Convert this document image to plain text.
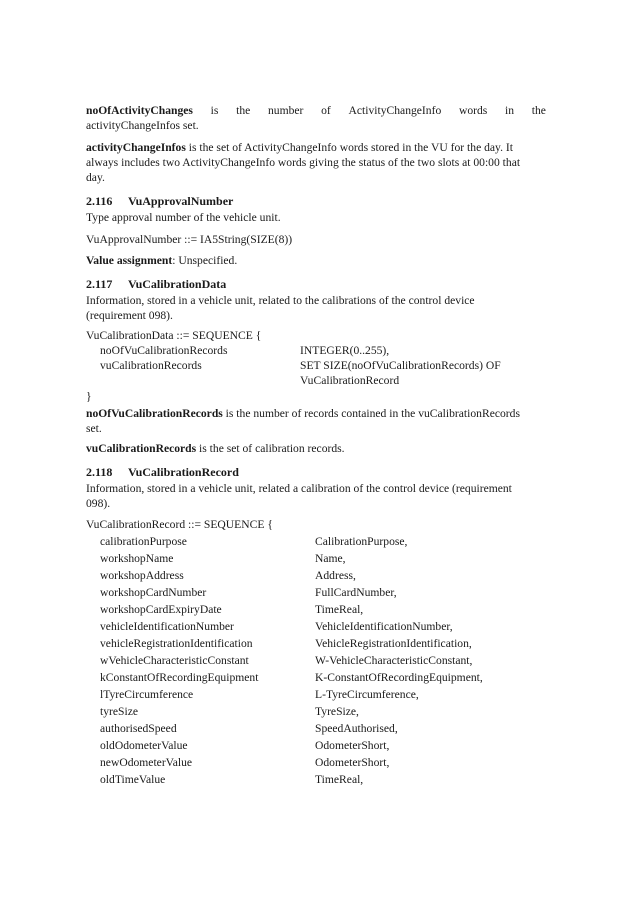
noOfActivityChanges is the number of ActivityChangeInfo words in the
activityChangeInfos set.
activityChangeInfos is the set of ActivityChangeInfo words stored in the VU for the day. It
always includes two ActivityChangeInfo words giving the status of the two slots at 00:00 that
day.
2.116 VuApprovalNumber
Type approval number of the vehicle unit.
VuApprovalNumber ::= IA5String(SIZE(8))
Value assignment: Unspecified.
2.117 VuCalibrationData
Information, stored in a vehicle unit, related to the calibrations of the control device
(requirement 098).
VuCalibrationData ::= SEQUENCE {
noOfVuCalibrationRecords	INTEGER(0..255),
vuCalibrationRecords	SET SIZE(noOfVuCalibrationRecords) OF
VuCalibrationRecord
}
noOfVuCalibrationRecords is the number of records contained in the vuCalibrationRecords
set.
vuCalibrationRecords is the set of calibration records.
2.118 VuCalibrationRecord
Information, stored in a vehicle unit, related a calibration of the control device (requirement
098).
VuCalibrationRecord ::= SEQUENCE {
calibrationPurpose	CalibrationPurpose,
workshopName	Name,
workshopAddress	Address,
workshopCardNumber	FullCardNumber,
workshopCardExpiryDate	TimeReal,
vehicleIdentificationNumber	VehicleIdentificationNumber,
vehicleRegistrationIdentification	VehicleRegistrationIdentification,
wVehicleCharacteristicConstant	W-VehicleCharacteristicConstant,
kConstantOfRecordingEquipment	K-ConstantOfRecordingEquipment,
lTyreCircumference	L-TyreCircumference,
tyreSize	TyreSize,
authorisedSpeed	SpeedAuthorised,
oldOdometerValue	OdometerShort,
newOdometerValue	OdometerShort,
oldTimeValue	TimeReal,
